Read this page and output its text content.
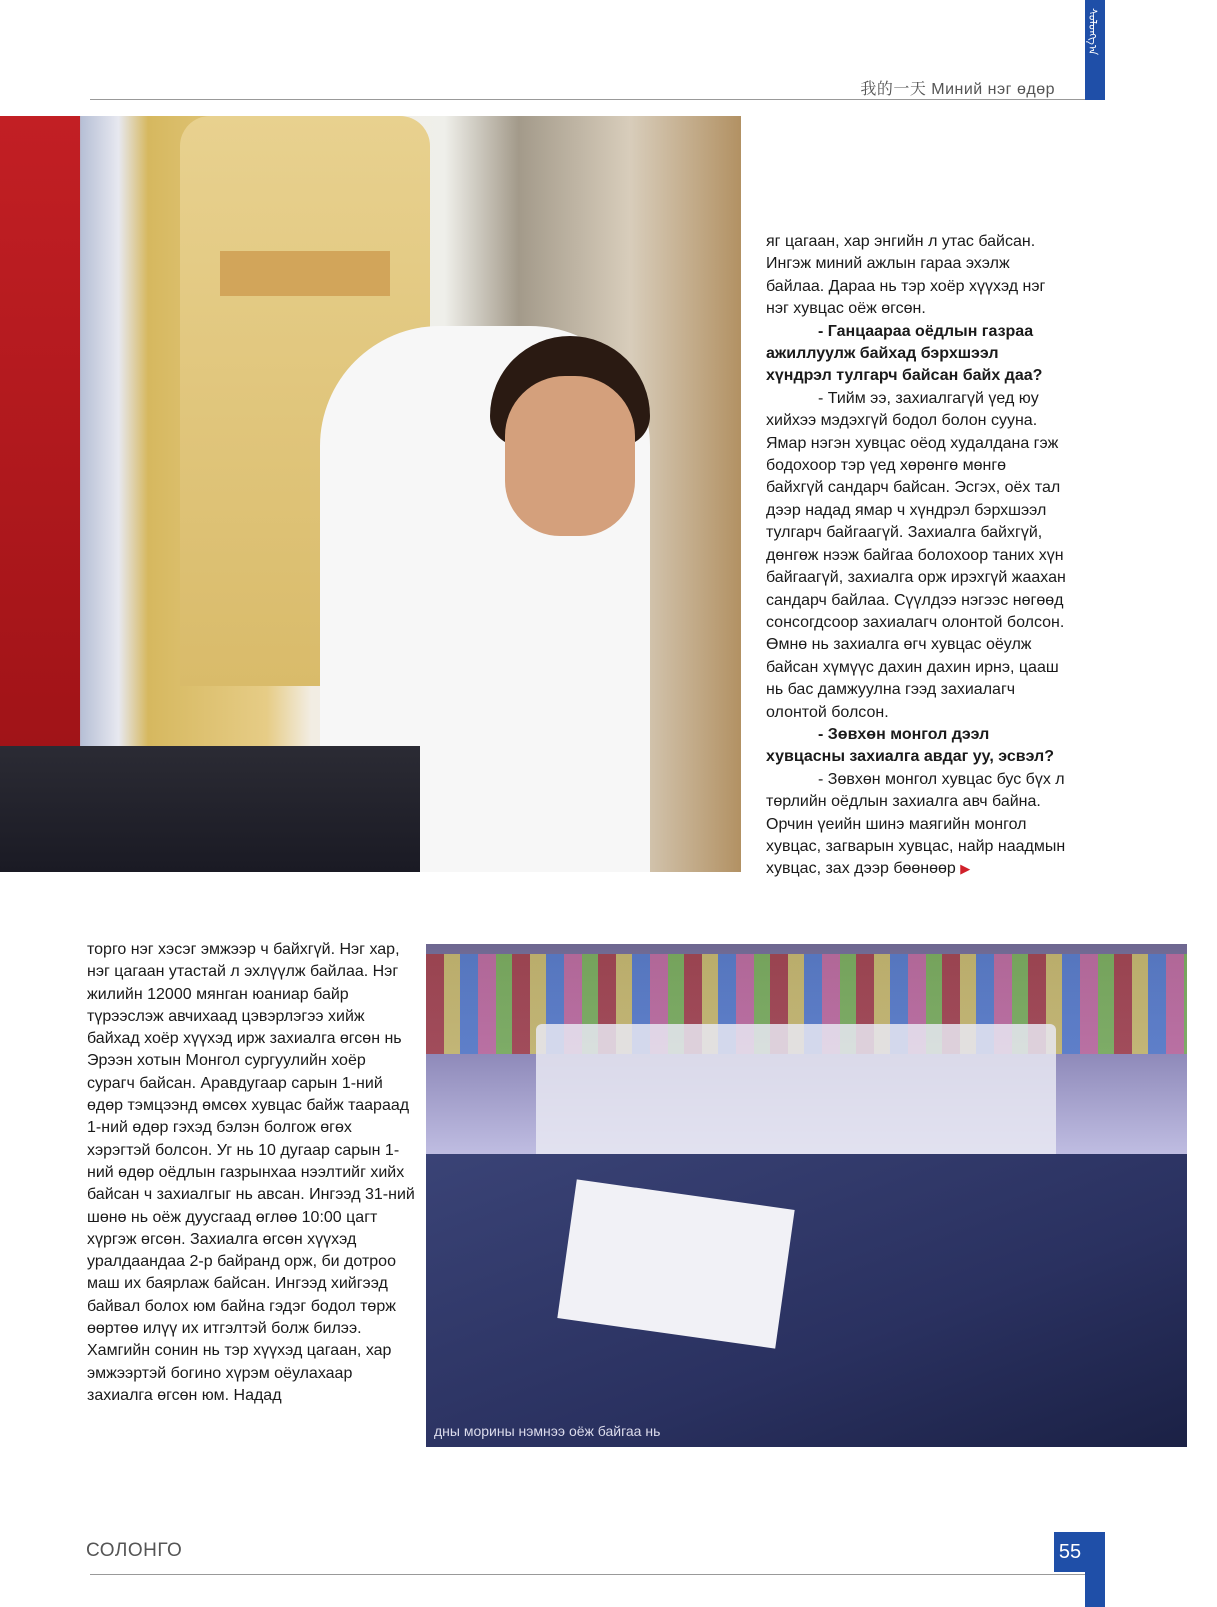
ᠰᠣᠯᠣᠩᠭ᠎ᠠ
我的一天 Миний нэг өдөр

яг цагаан, хар энгийн л утас байсан. Ингэж миний ажлын гараа эхэлж байлаа. Дараа нь тэр хоёр хүүхэд нэг нэг хувцас оёж өгсөн.

- Ганцаараа оёдлын газраа ажиллуулж байхад бэрхшээл хүндрэл тулгарч байсан байх даа?

- Тийм ээ, захиалгагүй үед юу хийхээ мэдэхгүй бодол болон сууна. Ямар нэгэн хувцас оёод худалдана гэж бодохоор тэр үед хөрөнгө мөнгө байхгүй сандарч байсан. Эсгэх, оёх тал дээр надад ямар ч хүндрэл бэрхшээл тулгарч байгаагүй. Захиалга байхгүй, дөнгөж нээж байгаа болохоор таних хүн байгаагүй, захиалга орж ирэхгүй жаахан сандарч байлаа. Сүүлдээ нэгээс нөгөөд сонсогдсоор захиалагч олонтой болсон. Өмнө нь захиалга өгч хувцас оёулж байсан хүмүүс дахин дахин ирнэ, цааш нь бас дамжуулна гээд захиалагч олонтой болсон.

- Зөвхөн монгол дээл хувцасны захиалга авдаг уу, эсвэл?

- Зөвхөн монгол хувцас бус бүх л төрлийн оёдлын захиалга авч байна. Орчин үеийн шинэ маягийн монгол хувцас, загварын хувцас, найр наадмын хувцас, зах дээр бөөнөөр ▶

торго нэг хэсэг эмжээр ч байхгүй. Нэг хар, нэг цагаан утастай л эхлүүлж байлаа. Нэг жилийн 12000 мянган юаниар байр түрээслэж авчихаад цэвэрлэгээ хийж байхад хоёр хүүхэд ирж захиалга өгсөн нь Эрээн хотын Монгол сургуулийн хоёр сурагч байсан. Аравдугаар сарын 1-ний өдөр тэмцээнд өмсөх хувцас байж таараад 1-ний өдөр гэхэд бэлэн болгож өгөх хэрэгтэй болсон. Уг нь 10 дугаар сарын 1-ний өдөр оёдлын газрынхаа нээлтийг хийх байсан ч захиалгыг нь авсан. Ингээд 31-ний шөнө нь оёж дуусгаад өглөө 10:00 цагт хүргэж өгсөн. Захиалга өгсөн хүүхэд уралдаандаа 2-р байранд орж, би дотроо маш их баярлаж байсан. Ингээд хийгээд байвал болох юм байна гэдэг бодол төрж өөртөө илүү их итгэлтэй болж билээ. Хамгийн сонин нь тэр хүүхэд цагаан, хар эмжээртэй богино хүрэм оёулахаар захиалга өгсөн юм. Надад

дны морины нэмнээ оёж байгаа нь
СОЛОНГО	55
